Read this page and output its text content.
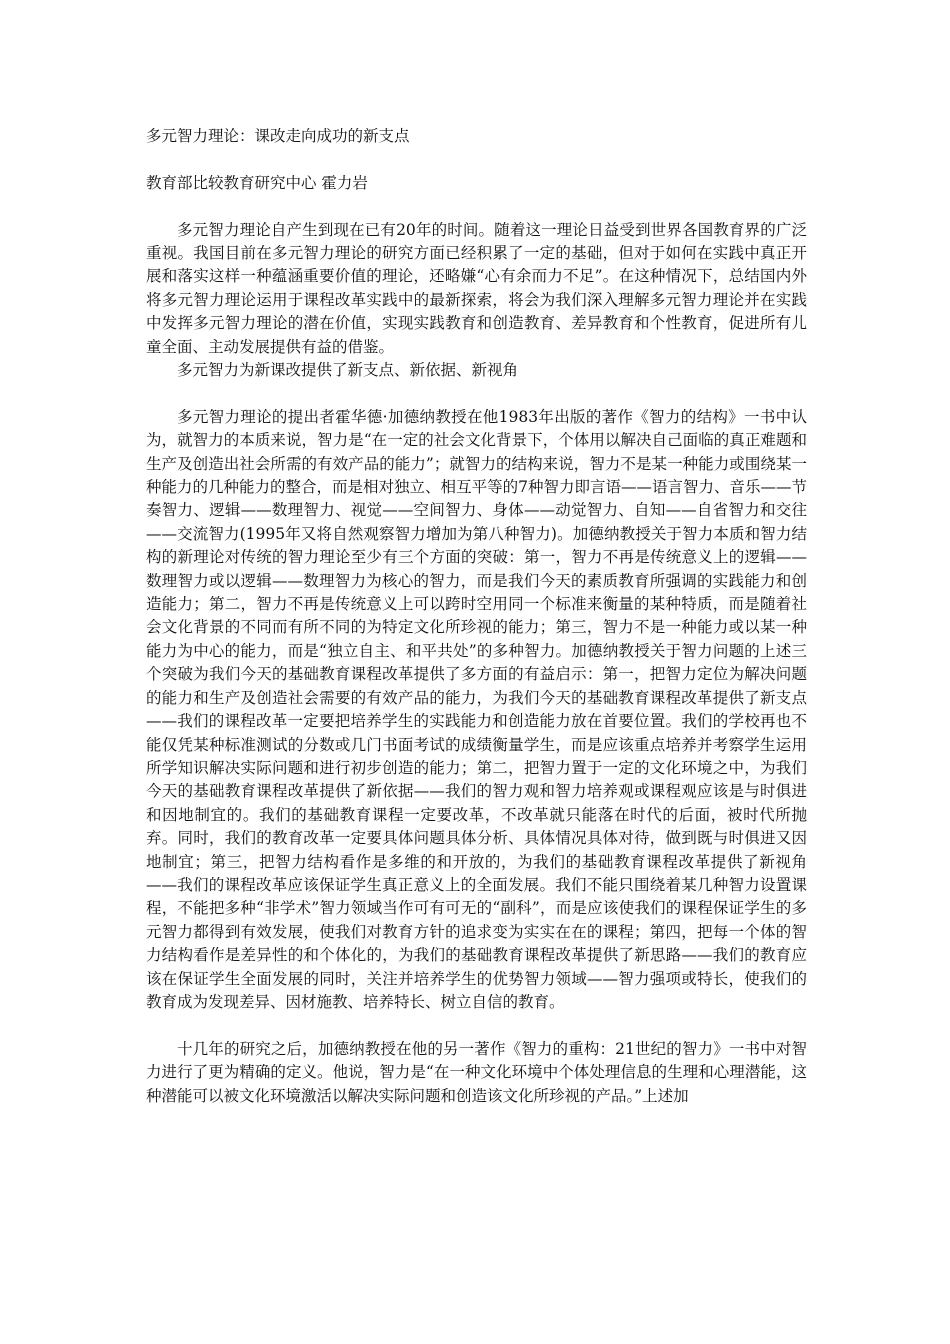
多元智力理论：课改走向成功的新支点

教育部比较教育研究中心 霍力岩

多元智力理论自产生到现在已有20年的时间。随着这一理论日益受到世界各国教育界的广泛重视。我国目前在多元智力理论的研究方面已经积累了一定的基础，但对于如何在实践中真正开展和落实这样一种蕴涵重要价值的理论，还略嫌“心有余而力不足”。在这种情况下，总结国内外将多元智力理论运用于课程改革实践中的最新探索，将会为我们深入理解多元智力理论并在实践中发挥多元智力理论的潜在价值，实现实践教育和创造教育、差异教育和个性教育，促进所有儿童全面、主动发展提供有益的借鉴。

多元智力为新课改提供了新支点、新依据、新视角

多元智力理论的提出者霍华德·加德纳教授在他1983年出版的著作《智力的结构》一书中认为，就智力的本质来说，智力是“在一定的社会文化背景下，个体用以解决自己面临的真正难题和生产及创造出社会所需的有效产品的能力”；就智力的结构来说，智力不是某一种能力或围绕某一种能力的几种能力的整合，而是相对独立、相互平等的7种智力即言语——语言智力、音乐——节奏智力、逻辑——数理智力、视觉——空间智力、身体——动觉智力、自知——自省智力和交往——交流智力(1995年又将自然观察智力增加为第八种智力)。加德纳教授关于智力本质和智力结构的新理论对传统的智力理论至少有三个方面的突破：第一，智力不再是传统意义上的逻辑——数理智力或以逻辑——数理智力为核心的智力，而是我们今天的素质教育所强调的实践能力和创造能力；第二，智力不再是传统意义上可以跨时空用同一个标准来衡量的某种特质，而是随着社会文化背景的不同而有所不同的为特定文化所珍视的能力；第三，智力不是一种能力或以某一种能力为中心的能力，而是“独立自主、和平共处”的多种智力。加德纳教授关于智力问题的上述三个突破为我们今天的基础教育课程改革提供了多方面的有益启示：第一，把智力定位为解决问题的能力和生产及创造社会需要的有效产品的能力，为我们今天的基础教育课程改革提供了新支点——我们的课程改革一定要把培养学生的实践能力和创造能力放在首要位置。我们的学校再也不能仅凭某种标准测试的分数或几门书面考试的成绩衡量学生，而是应该重点培养并考察学生运用所学知识解决实际问题和进行初步创造的能力；第二，把智力置于一定的文化环境之中，为我们今天的基础教育课程改革提供了新依据——我们的智力观和智力培养观或课程观应该是与时俱进和因地制宜的。我们的基础教育课程一定要改革，不改革就只能落在时代的后面，被时代所抛弃。同时，我们的教育改革一定要具体问题具体分析、具体情况具体对待，做到既与时俱进又因地制宜；第三，把智力结构看作是多维的和开放的，为我们的基础教育课程改革提供了新视角——我们的课程改革应该保证学生真正意义上的全面发展。我们不能只围绕着某几种智力设置课程，不能把多种“非学术”智力领域当作可有可无的“副科”，而是应该使我们的课程保证学生的多元智力都得到有效发展，使我们对教育方针的追求变为实实在在的课程；第四，把每一个体的智力结构看作是差异性的和个体化的，为我们的基础教育课程改革提供了新思路——我们的教育应该在保证学生全面发展的同时，关注并培养学生的优势智力领域——智力强项或特长，使我们的教育成为发现差异、因材施教、培养特长、树立自信的教育。

十几年的研究之后，加德纳教授在他的另一著作《智力的重构：21世纪的智力》一书中对智力进行了更为精确的定义。他说，智力是“在一种文化环境中个体处理信息的生理和心理潜能，这种潜能可以被文化环境激活以解决实际问题和创造该文化所珍视的产品。”上述加
